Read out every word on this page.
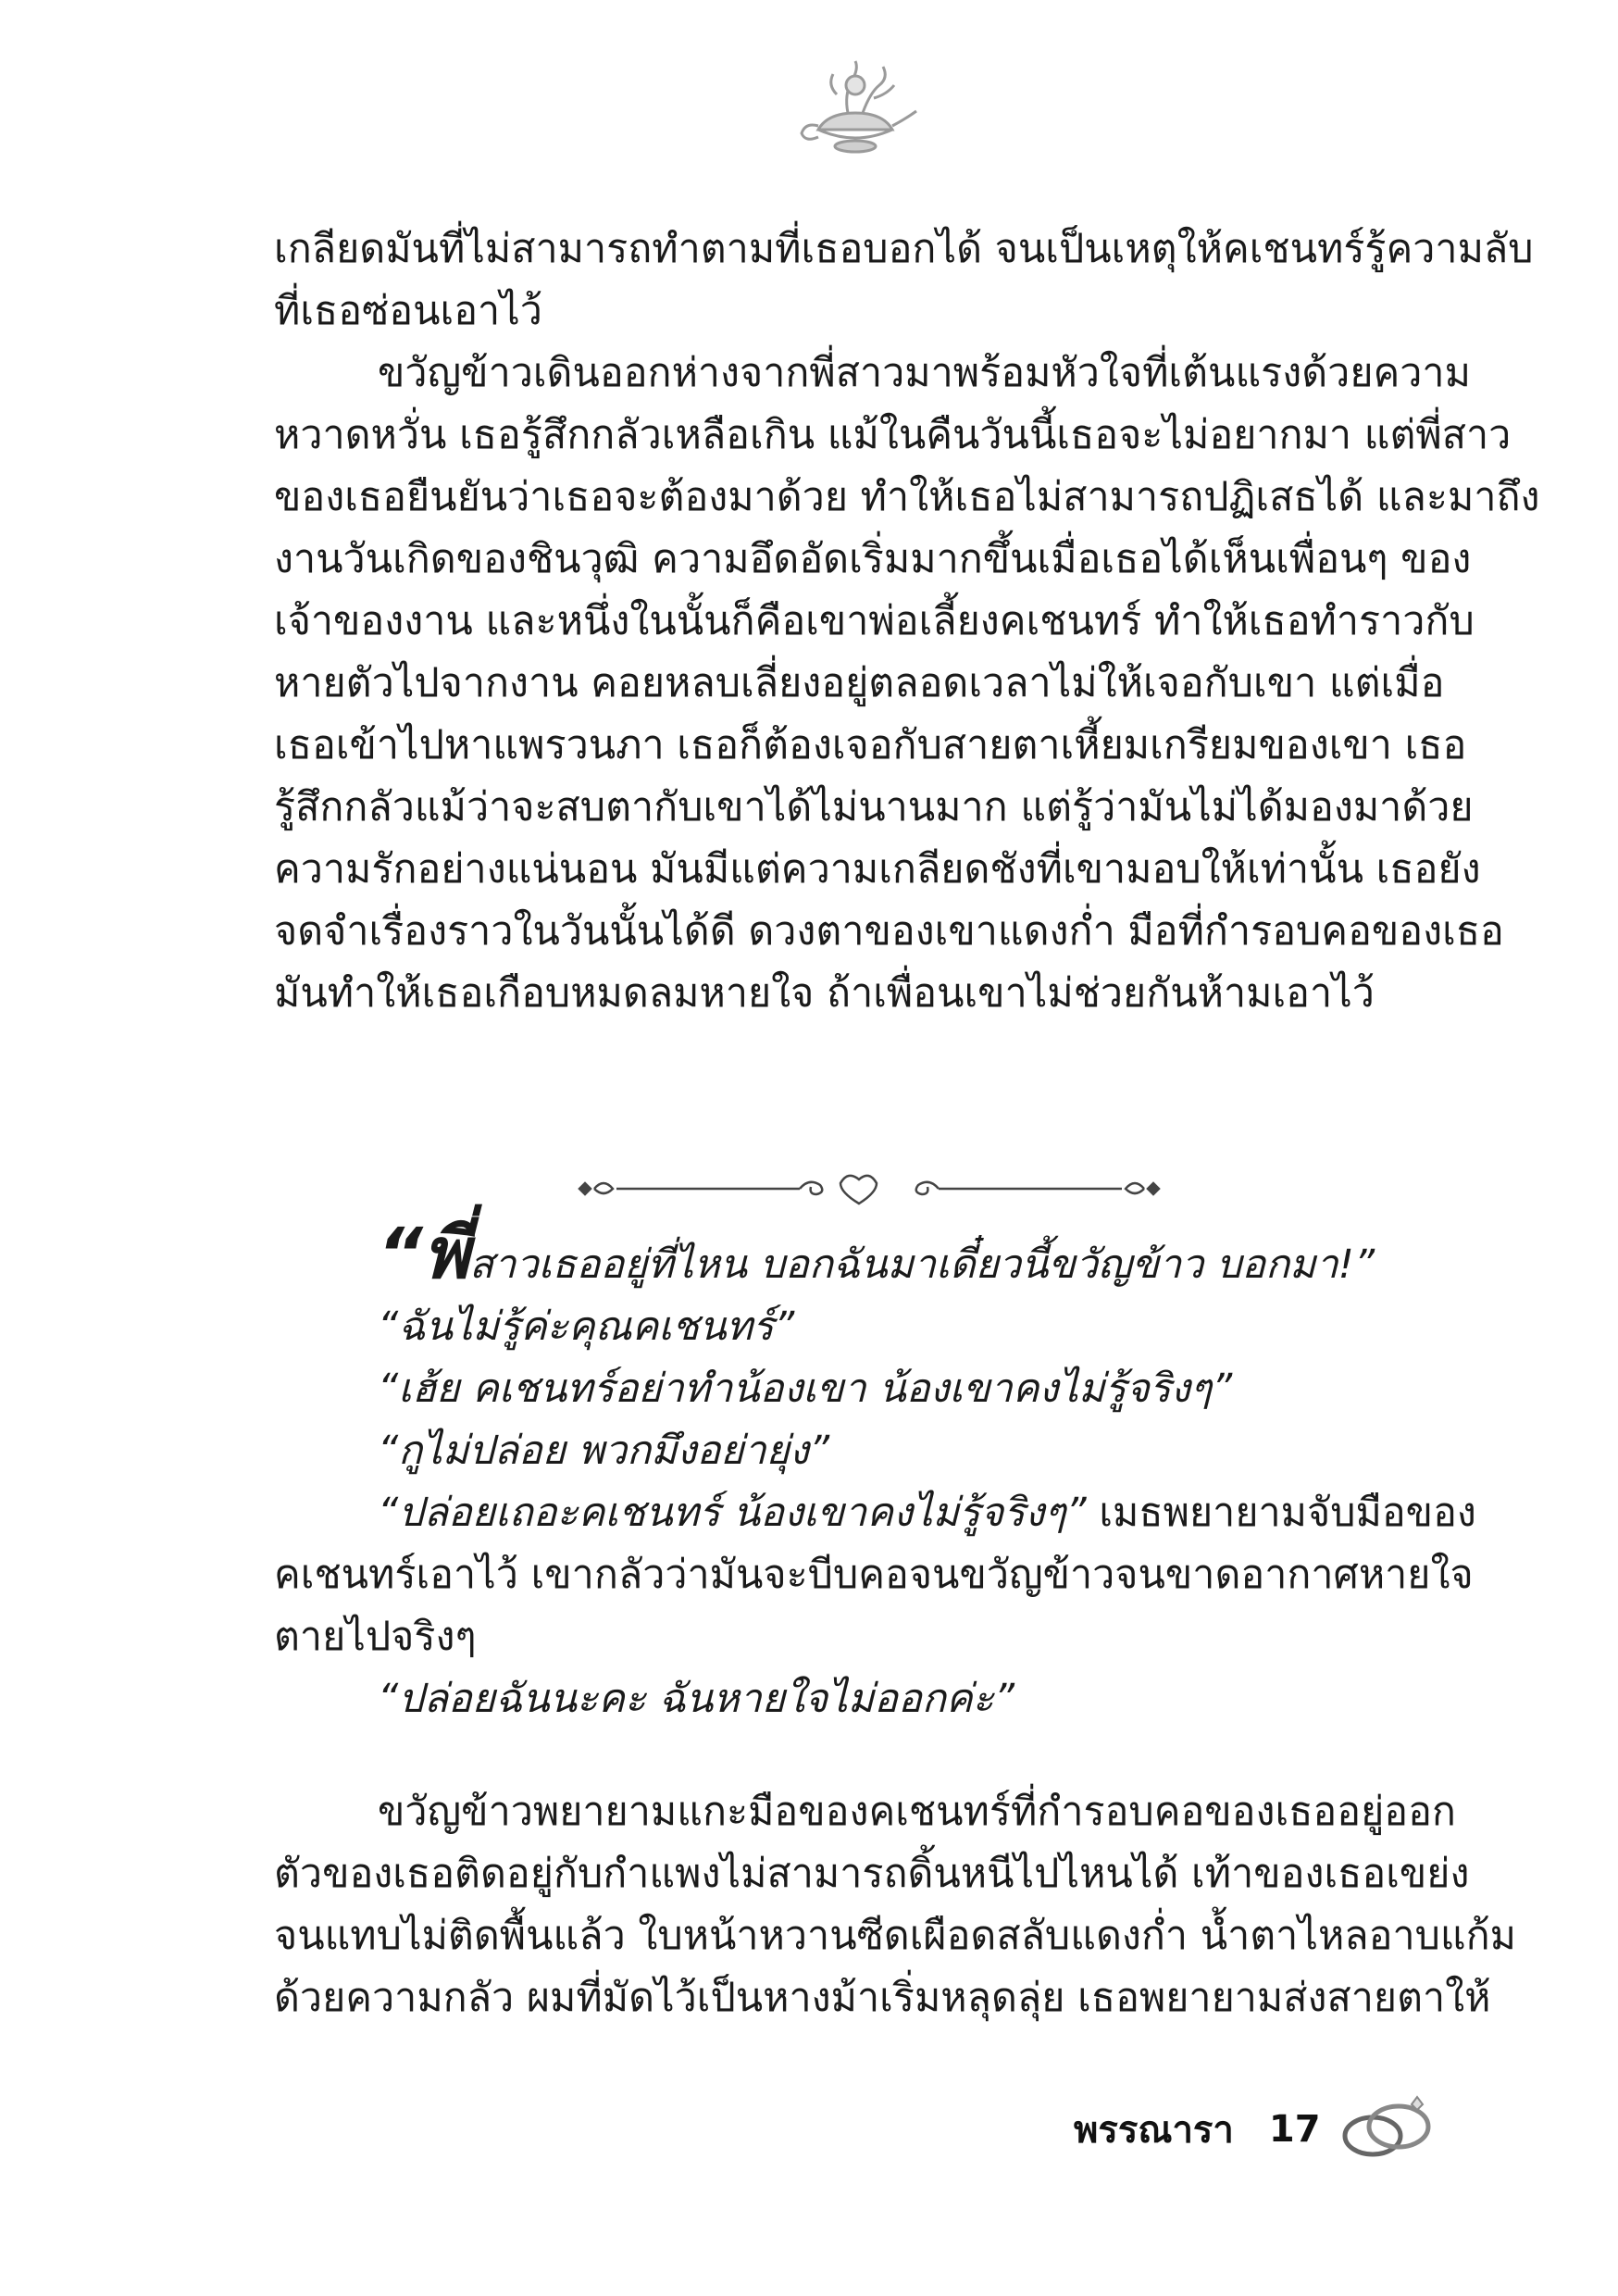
เกลียดมันที่ไม่สามารถทำตามที่เธอบอกได้ จนเป็นเหตุให้คเชนทร์รู้ความลับ
ที่เธอซ่อนเอาไว้
ขวัญข้าวเดินออกห่างจากพี่สาวมาพร้อมหัวใจที่เต้นแรงด้วยความ
หวาดหวั่น เธอรู้สึกกลัวเหลือเกิน แม้ในคืนวันนี้เธอจะไม่อยากมา แต่พี่สาว
ของเธอยืนยันว่าเธอจะต้องมาด้วย ทำให้เธอไม่สามารถปฏิเสธได้ และมาถึง
งานวันเกิดของชินวุฒิ ความอึดอัดเริ่มมากขึ้นเมื่อเธอได้เห็นเพื่อนๆ ของ
เจ้าของงาน และหนึ่งในนั้นก็คือเขาพ่อเลี้ยงคเชนทร์ ทำให้เธอทำราวกับ
หายตัวไปจากงาน คอยหลบเลี่ยงอยู่ตลอดเวลาไม่ให้เจอกับเขา แต่เมื่อ
เธอเข้าไปหาแพรวนภา เธอก็ต้องเจอกับสายตาเหี้ยมเกรียมของเขา เธอ
รู้สึกกลัวแม้ว่าจะสบตากับเขาได้ไม่นานมาก แต่รู้ว่ามันไม่ได้มองมาด้วย
ความรักอย่างแน่นอน มันมีแต่ความเกลียดชังที่เขามอบให้เท่านั้น เธอยัง
จดจำเรื่องราวในวันนั้นได้ดี ดวงตาของเขาแดงก่ำ มือที่กำรอบคอของเธอ
มันทำให้เธอเกือบหมดลมหายใจ ถ้าเพื่อนเขาไม่ช่วยกันห้ามเอาไว้
“พี่สาวเธออยู่ที่ไหน บอกฉันมาเดี๋ยวนี้ขวัญข้าว บอกมา!”
“ฉันไม่รู้ค่ะคุณคเชนทร์”
“เฮ้ย คเชนทร์อย่าทำน้องเขา น้องเขาคงไม่รู้จริงๆ”
“กูไม่ปล่อย พวกมึงอย่ายุ่ง”
“ปล่อยเถอะคเชนทร์ น้องเขาคงไม่รู้จริงๆ” เมธพยายามจับมือของ
คเชนทร์เอาไว้ เขากลัวว่ามันจะบีบคอจนขวัญข้าวจนขาดอากาศหายใจ
ตายไปจริงๆ
“ปล่อยฉันนะคะ ฉันหายใจไม่ออกค่ะ”
ขวัญข้าวพยายามแกะมือของคเชนทร์ที่กำรอบคอของเธออยู่ออก
ตัวของเธอติดอยู่กับกำแพงไม่สามารถดิ้นหนีไปไหนได้ เท้าของเธอเขย่ง
จนแทบไม่ติดพื้นแล้ว ใบหน้าหวานซีดเผือดสลับแดงก่ำ น้ำตาไหลอาบแก้ม
ด้วยความกลัว ผมที่มัดไว้เป็นหางม้าเริ่มหลุดลุ่ย เธอพยายามส่งสายตาให้
พรรณารา 17
